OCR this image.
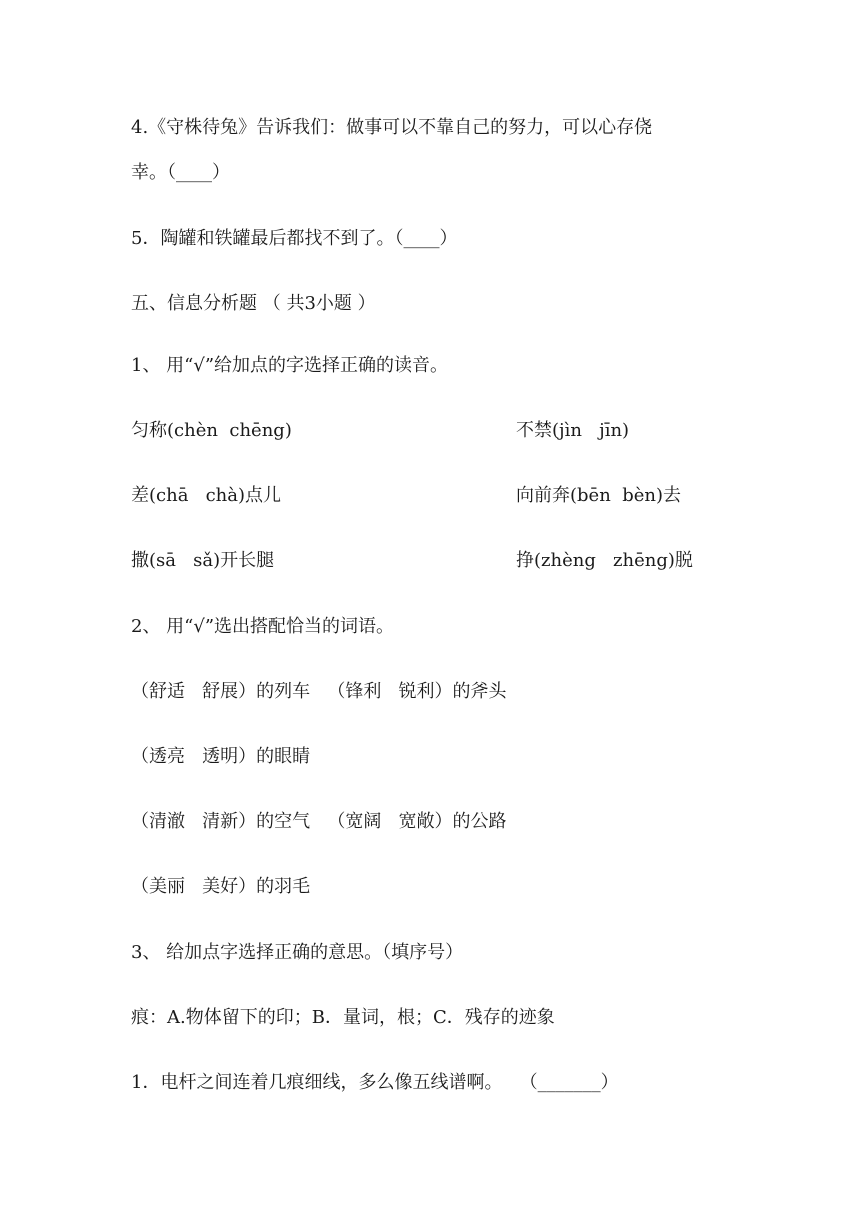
4.《守株待兔》告诉我们：做事可以不靠自己的努力，可以心存侥
幸。（____）
5．陶罐和铁罐最后都找不到了。（____）
五、信息分析题 （ 共3小题 ）
1、 用“√”给加点的字选择正确的读音。
匀称(chèn  chēng)	不禁(jìn   jīn)
差(chā   chà)点儿	向前奔(bēn  bèn)去
撒(sā   sǎ)开长腿	挣(zhèng   zhēng)脱
2、 用“√”选出搭配恰当的词语。
（舒适   舒展）的列车   （锋利   锐利）的斧头
（透亮   透明）的眼睛
（清澈   清新）的空气   （宽阔   宽敞）的公路
（美丽   美好）的羽毛
3、 给加点字选择正确的意思。（填序号）
痕：A.物体留下的印；B．量词，根；C．残存的迹象
1．电杆之间连着几痕细线，多么像五线谱啊。   （_______）
